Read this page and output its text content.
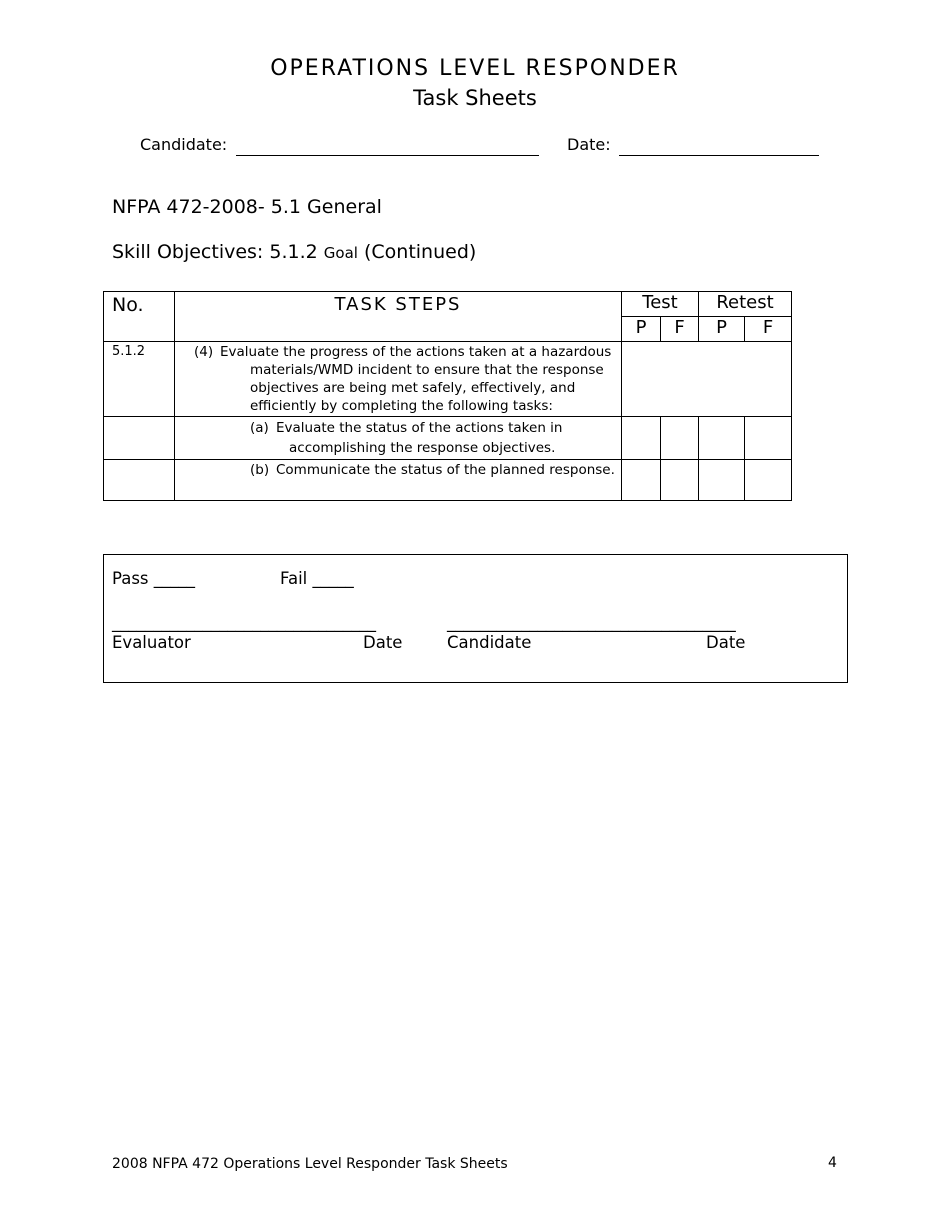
OPERATIONS LEVEL RESPONDER
Task Sheets
Candidate:	Date:
NFPA 472-2008- 5.1 General
Skill Objectives: 5.1.2 Goal (Continued)
No.	TASK STEPS	Test		Retest	
		P	F	P	F
5.1.2	(4) Evaluate the progress of the actions taken at a hazardous
materials/WMD incident to ensure that the response
objectives are being met safely, effectively, and
efficiently by completing the following tasks:				

	(a) Evaluate the status of the actions taken in
accomplishing the response objectives.				

	(b) Communicate the status of the planned response.				

Pass _____	Fail _____
________________________________	___________________________________
Evaluator	Date	Candidate	Date
2008 NFPA 472 Operations Level Responder Task Sheets	4
